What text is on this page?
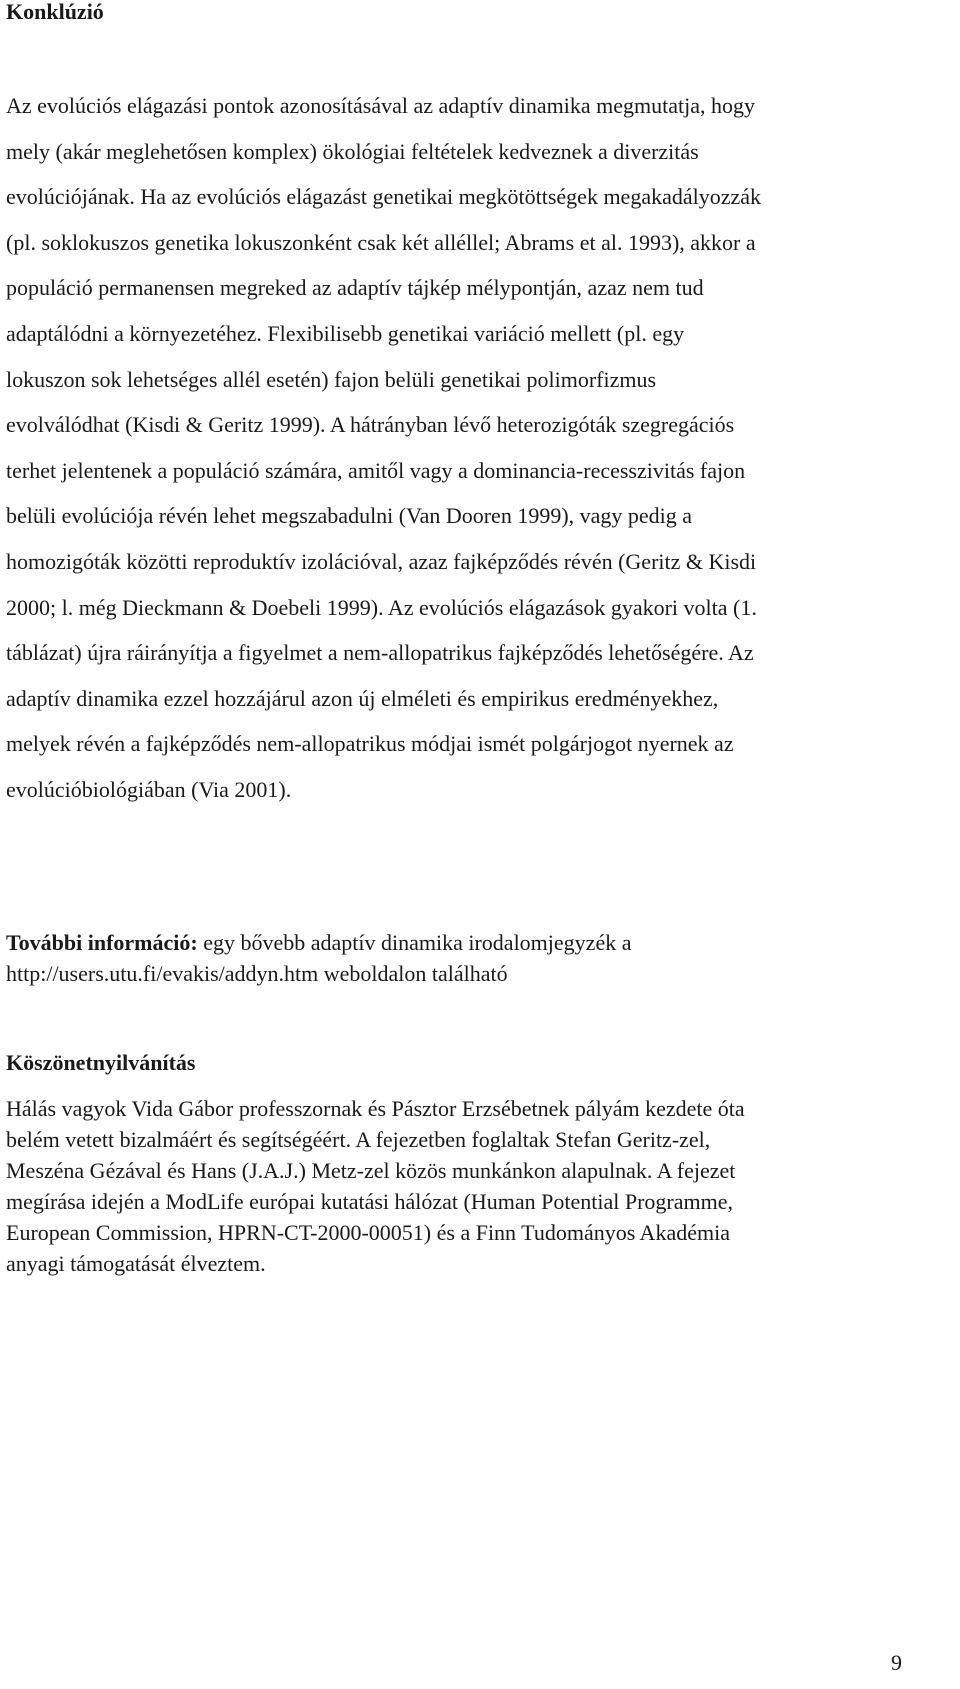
Konklúzió

Az evolúciós elágazási pontok azonosításával az adaptív dinamika megmutatja, hogy
mely (akár meglehetősen komplex) ökológiai feltételek kedveznek a diverzitás
evolúciójának. Ha az evolúciós elágazást genetikai megkötöttségek megakadályozzák
(pl. soklokuszos genetika lokuszonként csak két alléllel; Abrams et al. 1993), akkor a
populáció permanensen megreked az adaptív tájkép mélypontján, azaz nem tud
adaptálódni a környezetéhez. Flexibilisebb genetikai variáció mellett (pl. egy
lokuszon sok lehetséges allél esetén) fajon belüli genetikai polimorfizmus
evolválódhat (Kisdi & Geritz 1999). A hátrányban lévő heterozigóták szegregációs
terhet jelentenek a populáció számára, amitől vagy a dominancia-recesszivitás fajon
belüli evolúciója révén lehet megszabadulni (Van Dooren 1999), vagy pedig a
homozigóták közötti reproduktív izolációval, azaz fajképződés révén (Geritz & Kisdi
2000; l. még Dieckmann & Doebeli 1999). Az evolúciós elágazások gyakori volta (1.
táblázat) újra ráirányítja a figyelmet a nem-allopatrikus fajképződés lehetőségére. Az
adaptív dinamika ezzel hozzájárul azon új elméleti és empirikus eredményekhez,
melyek révén a fajképződés nem-allopatrikus módjai ismét polgárjogot nyernek az
evolúcióbiológiában (Via 2001).

További információ: egy bővebb adaptív dinamika irodalomjegyzék a
http://users.utu.fi/evakis/addyn.htm weboldalon található

Köszönetnyilvánítás

Hálás vagyok Vida Gábor professzornak és Pásztor Erzsébetnek pályám kezdete óta
belém vetett bizalmáért és segítségéért. A fejezetben foglaltak Stefan Geritz-zel,
Meszéna Gézával és Hans (J.A.J.) Metz-zel közös munkánkon alapulnak. A fejezet
megírása idején a ModLife európai kutatási hálózat (Human Potential Programme,
European Commission, HPRN-CT-2000-00051) és a Finn Tudományos Akadémia
anyagi támogatását élveztem.

9
